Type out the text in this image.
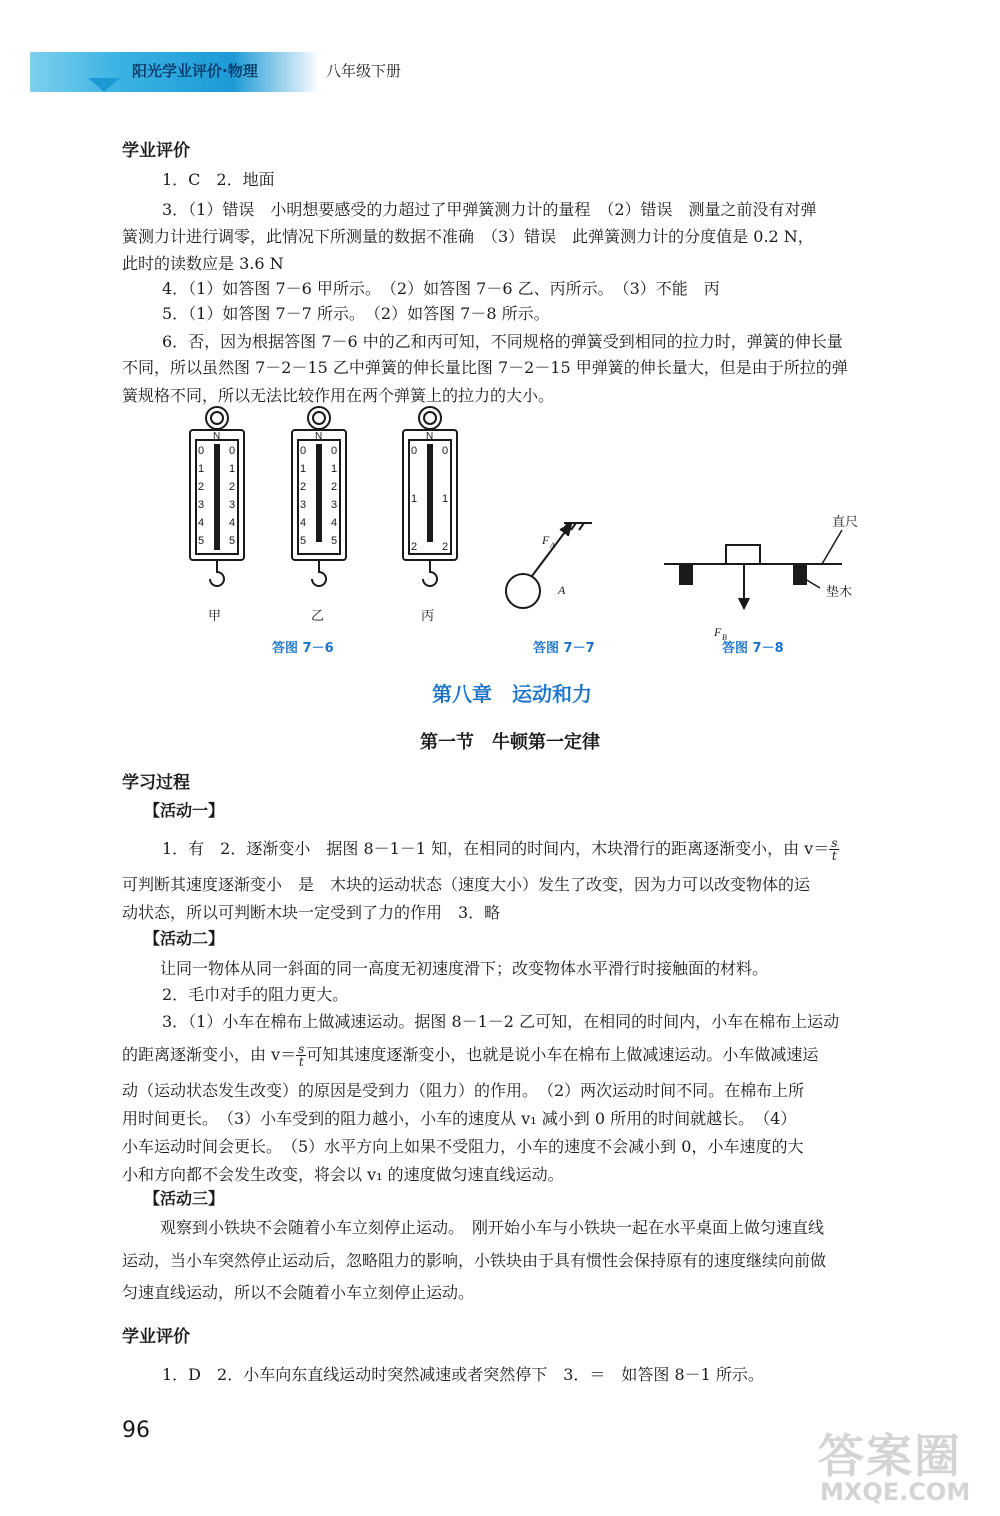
阳光学业评价·物理	八年级下册
学业评价
1．C　2．地面
3．（1）错误　小明想要感受的力超过了甲弹簧测力计的量程　（2）错误　测量之前没有对弹
簧测力计进行调零，此情况下所测量的数据不准确　（3）错误　此弹簧测力计的分度值是 0.2 N，
此时的读数应是 3.6 N
4．（1）如答图 7－6 甲所示。　（2）如答图 7－6 乙、丙所示。　（3）不能　丙
5．（1）如答图 7－7 所示。　（2）如答图 7－8 所示。
6．否，因为根据答图 7－6 中的乙和丙可知，不同规格的弹簧受到相同的拉力时，弹簧的伸长量
不同，所以虽然图 7－2－15 乙中弹簧的伸长量比图 7－2－15 甲弹簧的伸长量大，但是由于所拉的弹
簧规格不同，所以无法比较作用在两个弹簧上的拉力的大小。
N	N	N
0 0
1 1
2 2
3 3
4 4
5 5
0 0
1 1
2 2
3 3
4 4
5 5
0 0
1 1
2 2	F A
A
F B
直尺
垫木
甲	乙	丙
答图 7－6	答图 7－7	答图 7－8
第八章　运动和力
第一节　牛顿第一定律
学习过程
【活动一】
1．有　2．逐渐变小　据图 8－1－1 知，在相同的时间内，木块滑行的距离逐渐变小，由 $v= \frac{s}{t}$
可判断其速度逐渐变小　是　木块的运动状态（速度大小）发生了改变，因为力可以改变物体的运
动状态，所以可判断木块一定受到了力的作用　3．略
【活动二】
让同一物体从同一斜面的同一高度无初速度滑下；改变物体水平滑行时接触面的材料。
2．毛巾对手的阻力更大。
3．（1）小车在棉布上做减速运动。据图 8－1－2 乙可知，在相同的时间内，小车在棉布上运动
的距离逐渐变小，由 $v= \frac{s}{t}$ 可知其速度逐渐变小，也就是说小车在棉布上做减速运动。小车做减速运
动（运动状态发生改变）的原因是受到力（阻力）的作用。　（2）两次运动时间不同。在棉布上所
用时间更长。　（3）小车受到的阻力越小，小车的速度从 v₁ 减小到 0 所用的时间就越长。　（4）
小车运动时间会更长。　（5）水平方向上如果不受阻力，小车的速度不会减小到 0，小车速度的大
小和方向都不会发生改变，将会以 v₁ 的速度做匀速直线运动。
【活动三】
观察到小铁块不会随着小车立刻停止运动。　刚开始小车与小铁块一起在水平桌面上做匀速直线
运动，当小车突然停止运动后，忽略阻力的影响，小铁块由于具有惯性会保持原有的速度继续向前做
匀速直线运动，所以不会随着小车立刻停止运动。
学业评价
1．D　2．小车向东直线运动时突然减速或者突然停下　3．＝　如答图 8－1 所示。
96	答案圈
MXQE.COM
